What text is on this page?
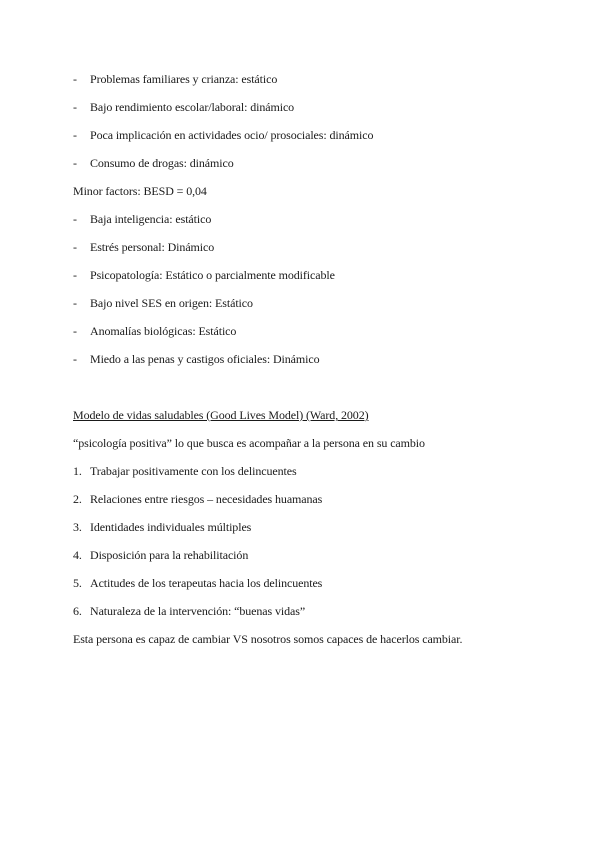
- Problemas familiares y crianza: estático
- Bajo rendimiento escolar/laboral: dinámico
- Poca implicación en actividades ocio/ prosociales: dinámico
- Consumo de drogas: dinámico
Minor factors: BESD = 0,04
- Baja inteligencia: estático
- Estrés personal: Dinámico
- Psicopatología: Estático o parcialmente modificable
- Bajo nivel SES en origen: Estático
- Anomalías biológicas: Estático
- Miedo a las penas y castigos oficiales: Dinámico
Modelo de vidas saludables (Good Lives Model) (Ward, 2002)
“psicología positiva” lo que busca es acompañar a la persona en su cambio
1. Trabajar positivamente con los delincuentes
2. Relaciones entre riesgos – necesidades huamanas
3. Identidades individuales múltiples
4. Disposición para la rehabilitación
5. Actitudes de los terapeutas hacia los delincuentes
6. Naturaleza de la intervención: “buenas vidas”
Esta persona es capaz de cambiar VS nosotros somos capaces de hacerlos cambiar.
